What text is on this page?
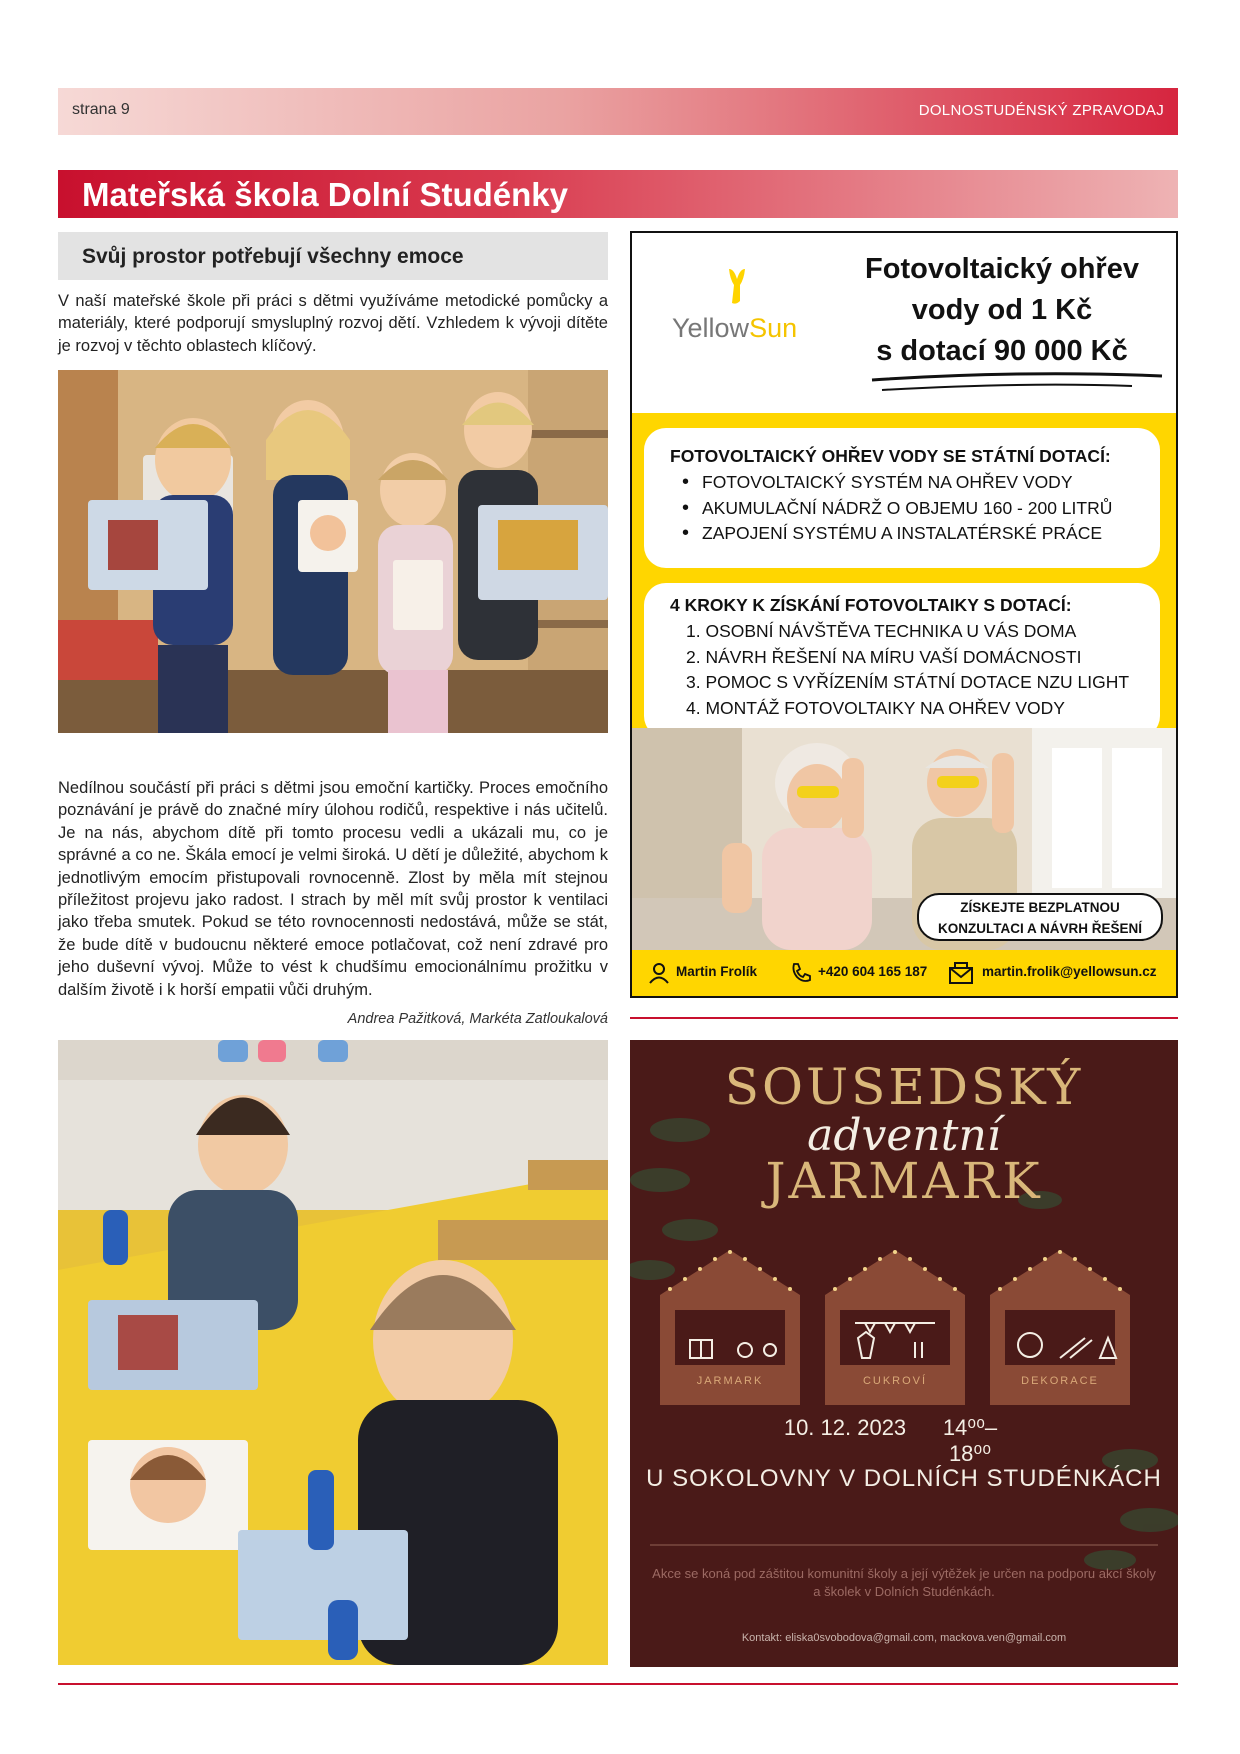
strana 9	DOLNOSTUDÉNSKÝ ZPRAVODAJ
Mateřská škola Dolní Studénky
Svůj prostor potřebují všechny emoce
V naší mateřské škole při práci s dětmi využíváme metodické pomůcky a materiály, které podporují smysluplný rozvoj dětí. Vzhledem k vývoji dítěte je rozvoj v těchto oblastech klíčový.
Nedílnou součástí při práci s dětmi jsou emoční kartičky. Proces emočního poznávání je právě do značné míry úlohou rodičů, respektive i nás učitelů. Je na nás, abychom dítě při tomto procesu vedli a ukázali mu, co je správné a co ne. Škála emocí je velmi široká. U dětí je důležité, abychom k jednotlivým emocím přistupovali rovnocenně. Zlost by měla mít stejnou příležitost projevu jako radost. I strach by měl mít svůj prostor k ventilaci jako třeba smutek. Pokud se této rovnocennosti nedostává, může se stát, že bude dítě v budoucnu některé emoce potlačovat, což není zdravé pro jeho duševní vývoj. Může to vést k chudšímu emocionálnímu prožitku v dalším životě i k horší empatii vůči druhým.
Andrea Pažitková, Markéta Zatloukalová
YellowSun
Fotovoltaický ohřev
vody od 1 Kč
s dotací 90 000 Kč
FOTOVOLTAICKÝ OHŘEV VODY SE STÁTNÍ DOTACÍ:
• FOTOVOLTAICKÝ SYSTÉM NA OHŘEV VODY
• AKUMULAČNÍ NÁDRŽ O OBJEMU 160 - 200 LITRŮ
• ZAPOJENÍ SYSTÉMU A INSTALATÉRSKÉ PRÁCE
4 KROKY K ZÍSKÁNÍ FOTOVOLTAIKY S DOTACÍ:
1. OSOBNÍ NÁVŠTĚVA TECHNIKA U VÁS DOMA
2. NÁVRH ŘEŠENÍ NA MÍRU VAŠÍ DOMÁCNOSTI
3. POMOC S VYŘÍZENÍM STÁTNÍ DOTACE NZU LIGHT
4. MONTÁŽ FOTOVOLTAIKY NA OHŘEV VODY
ZÍSKEJTE BEZPLATNOU
KONZULTACI A NÁVRH ŘEŠENÍ
Martin Frolík	+420 604 165 187	martin.frolik@yellowsun.cz
SOUSEDSKÝ
adventní
JARMARK
JARMARK	CUKROVÍ	DEKORACE
10. 12. 2023	14⁰⁰– 18⁰⁰
U SOKOLOVNY V DOLNÍCH STUDÉNKÁCH
Akce se koná pod záštitou komunitní školy a její výtěžek je určen na podporu akcí školy a školek v Dolních Studénkách.
Kontakt: eliska0svobodova@gmail.com, mackova.ven@gmail.com
